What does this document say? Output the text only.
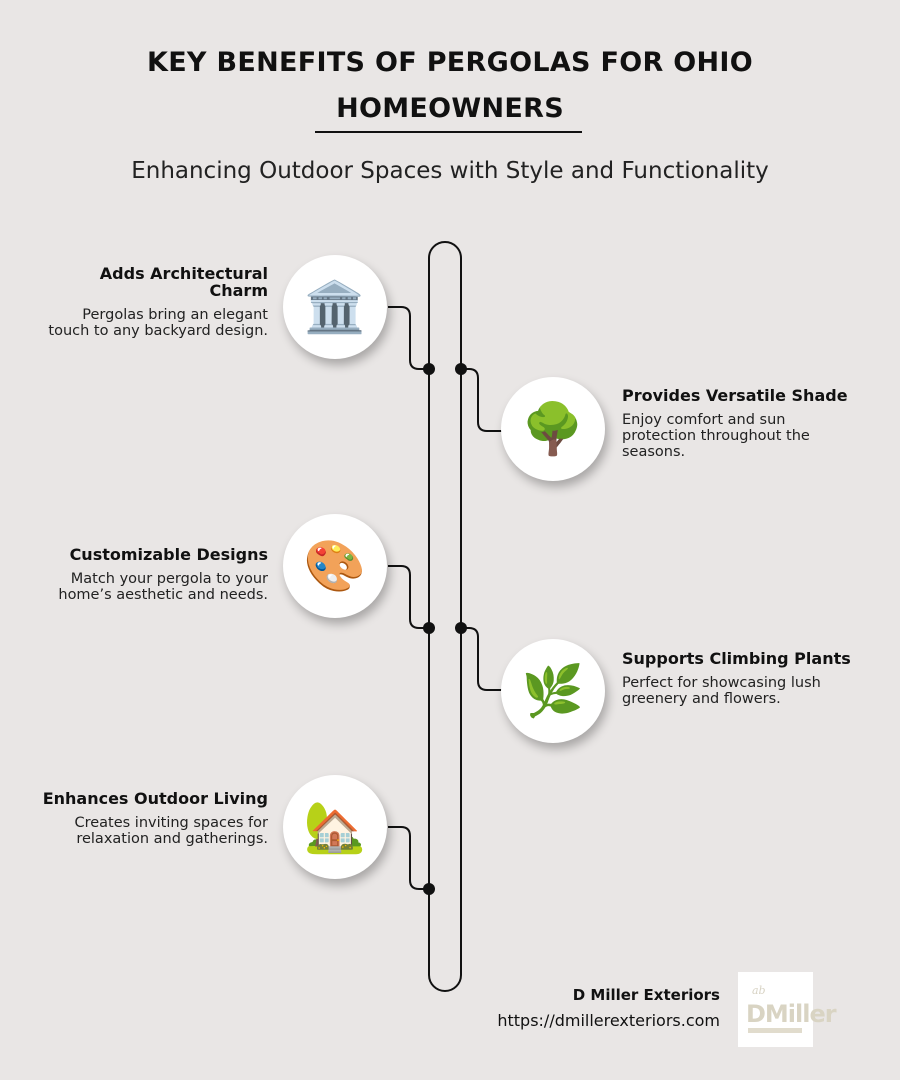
KEY BENEFITS OF PERGOLAS FOR OHIO HOMEOWNERS

Enhancing Outdoor Spaces with Style and Functionality

Adds Architectural Charm

Pergolas bring an elegant touch to any backyard design. 🏛️
🌳

Provides Versatile Shade

Enjoy comfort and sun protection throughout the seasons.

Customizable Designs

Match your pergola to your home’s aesthetic and needs. 🎨
🌿

Supports Climbing Plants

Perfect for showcasing lush greenery and flowers.

Enhances Outdoor Living

Creates inviting spaces for relaxation and gatherings. 🏡
D Miller Exteriors
https://dmillerexteriors.com
ab
DMiller
